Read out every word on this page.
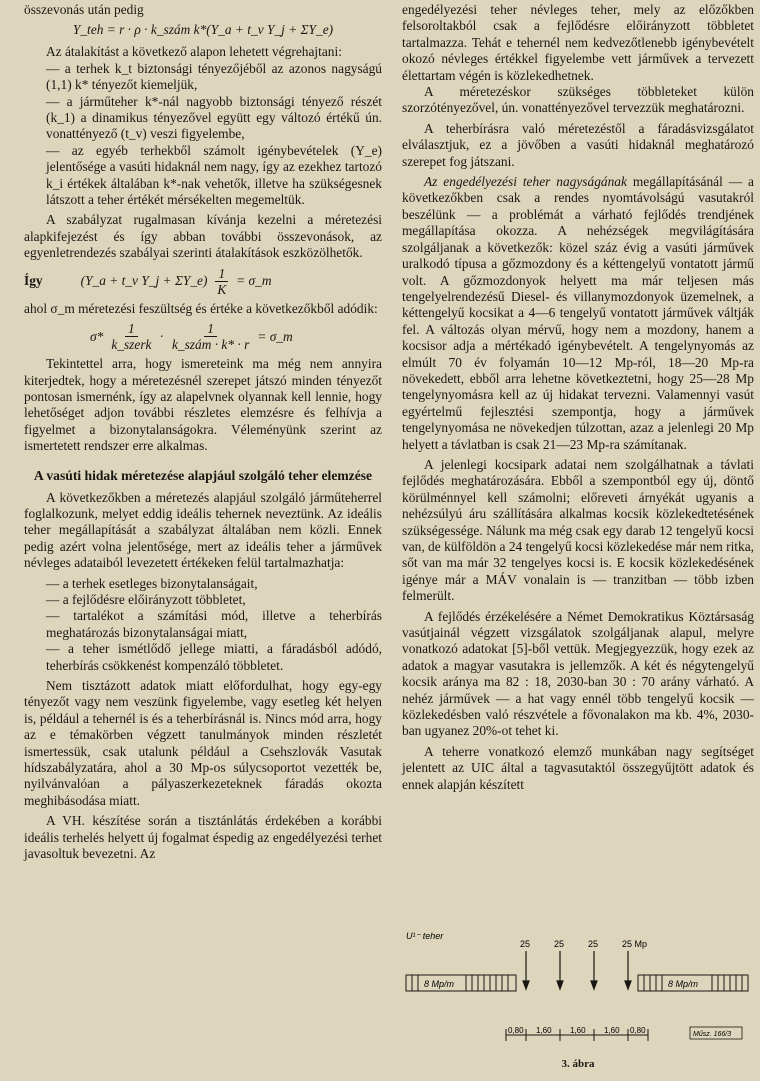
összevonás után pedig

Y_teh = r · ρ · k_szám k*(Y_a + t_v Y_j + ΣY_e)

Az átalakítást a következő alapon lehetett végrehajtani:

— a terhek k_t biztonsági tényezőjéből az azonos nagyságú (1,1) k* tényezőt kiemeljük,

— a járműteher k*-nál nagyobb biztonsági tényező részét (k_1) a dinamikus tényezővel együtt egy változó értékű ún. vonattényező (t_v) veszi figyelembe,

— az egyéb terhekből számolt igénybevételek (Y_e) jelentősége a vasúti hidaknál nem nagy, így az ezekhez tartozó k_i értékek általában k*-nak vehetők, illetve ha szükségesnek látszott a teher értékét mérsékelten megemeltük.

A szabályzat rugalmasan kívánja kezelni a méretezési alapkifejezést és így abban további összevonások, az egyenletrendezés szabályai szerinti átalakítások eszközölhetők.

Így	(Y_a + t_v Y_j + ΣY_e) $\frac{1}{K}$ = σ_m

ahol σ_m méretezési feszültség és értéke a következőkből adódik:

$\sigma* \frac{1}{\text{k\_szerk}} \cdot \frac{1}{\text{k\_szám · k* · r}}$ = σ_m

Tekintettel arra, hogy ismereteink ma még nem annyira kiterjedtek, hogy a méretezésnél szerepet játszó minden tényezőt pontosan ismernénk, így az alapelvnek olyannak kell lennie, hogy lehetőséget adjon további részletes elemzésre és felhívja a figyelmet a bizonytalanságokra. Véleményünk szerint az ismertetett rendszer erre alkalmas.

A vasúti hidak méretezése alapjául szolgáló teher elemzése

A következőkben a méretezés alapjául szolgáló járműteherrel foglalkozunk, melyet eddig ideális tehernek neveztünk. Az ideális teher megállapítását a szabályzat általában nem közli. Ennek pedig azért volna jelentősége, mert az ideális teher a járművek névleges adataiból levezetett értékeken felül tartalmazhatja:

— a terhek esetleges bizonytalanságait,

— a fejlődésre előirányzott többletet,

— tartalékot a számítási mód, illetve a teherbírás meghatározás bizonytalanságai miatt,

— a teher ismétlődő jellege miatti, a fáradásból adódó, teherbírás csökkenést kompenzáló többletet.

Nem tisztázott adatok miatt előfordulhat, hogy egy-egy tényezőt vagy nem veszünk figyelembe, vagy esetleg két helyen is, például a tehernél is és a teherbírásnál is. Nincs mód arra, hogy az e témakörben végzett tanulmányok minden részletét ismertessük, csak utalunk például a Csehszlovák Vasutak hídszabályzatára, ahol a 30 Mp-os súlycsoportot vezették be, nyilvánvalóan a pályaszerkezeteknek fáradás okozta meghibásodása miatt.

A VH. készítése során a tisztánlátás érdekében a korábbi ideális terhelés helyett új fogalmat éspedig az engedélyezési terhet javasoltuk bevezetni. Az

engedélyezési teher névleges teher, mely az előzőkben felsoroltakból csak a fejlődésre előirányzott többletet tartalmazza. Tehát e tehernél nem kedvezőtlenebb igénybevételt okozó névleges értékkel figyelembe vett járművek a tervezett élettartam végén is közlekedhetnek.

A méretezéskor szükséges többleteket külön szorzótényezővel, ún. vonattényezővel tervezzük meghatározni.

A teherbírásra való méretezéstől a fáradásvizsgálatot elválasztjuk, ez a jövőben a vasúti hidaknál meghatározó szerepet fog játszani.

Az engedélyezési teher nagyságának megállapításánál — a következőkben csak a rendes nyomtávolságú vasutakról beszélünk — a problémát a várható fejlődés trendjének megállapítása okozza. A nehézségek megvilágítására szolgáljanak a következők: közel száz évig a vasúti járművek uralkodó típusa a gőzmozdony és a kéttengelyű vontatott jármű volt. A gőzmozdonyok helyett ma már teljesen más tengelyelrendezésű Diesel- és villanymozdonyok üzemelnek, a kéttengelyű kocsikat a 4—6 tengelyű vontatott járművek váltják fel. A változás olyan mérvű, hogy nem a mozdony, hanem a kocsisor adja a mértékadó igénybevételt. A tengelynyomás az elmúlt 70 év folyamán 10—12 Mp-ról, 18—20 Mp-ra növekedett, ebből arra lehetne következtetni, hogy 25—28 Mp tengelynyomásra kell az új hidakat tervezni. Valamennyi vasút egyértelmű fejlesztési szempontja, hogy a járművek tengelynyomása ne növekedjen túlzottan, azaz a jelenlegi 20 Mp helyett a távlatban is csak 21—23 Mp-ra számítanak.

A jelenlegi kocsipark adatai nem szolgálhatnak a távlati fejlődés meghatározására. Ebből a szempontból egy új, döntő körülménnyel kell számolni; előreveti árnyékát ugyanis a nehézsúlyú áru szállítására alkalmas kocsik közlekedtetésének szükségessége. Nálunk ma még csak egy darab 12 tengelyű kocsi van, de külföldön a 24 tengelyű kocsi közlekedése már nem ritka, sőt van ma már 32 tengelyes kocsi is. E kocsik közlekedésének igénye már a MÁV vonalain is — tranzitban — több izben felmerült.

A fejlődés érzékelésére a Német Demokratikus Köztársaság vasútjainál végzett vizsgálatok szolgáljanak alapul, melyre vonatkozó adatokat [5]-ből vettük. Megjegyezzük, hogy ezek az adatok a magyar vasutakra is jellemzők. A két és négytengelyű kocsik aránya ma 82 : 18, 2030-ban 30 : 70 arány várható. A nehéz járművek — a hat vagy ennél több tengelyű kocsik — közlekedésben való részvétele a fővonalakon ma kb. 4%, 2030-ban ugyanez 20%-ot tehet ki.

A teherre vonatkozó elemző munkában nagy segítséget jelentett az UIC által a tagvasutaktól összegyűjtött adatok és ennek alapján készített

U¹⁻ teher
8 Mp/m
25	25	25	25 Mp
8 Mp/m
0,80 1,60 1,60 1,60 0,80	Műsz. 166/3
3. ábra
